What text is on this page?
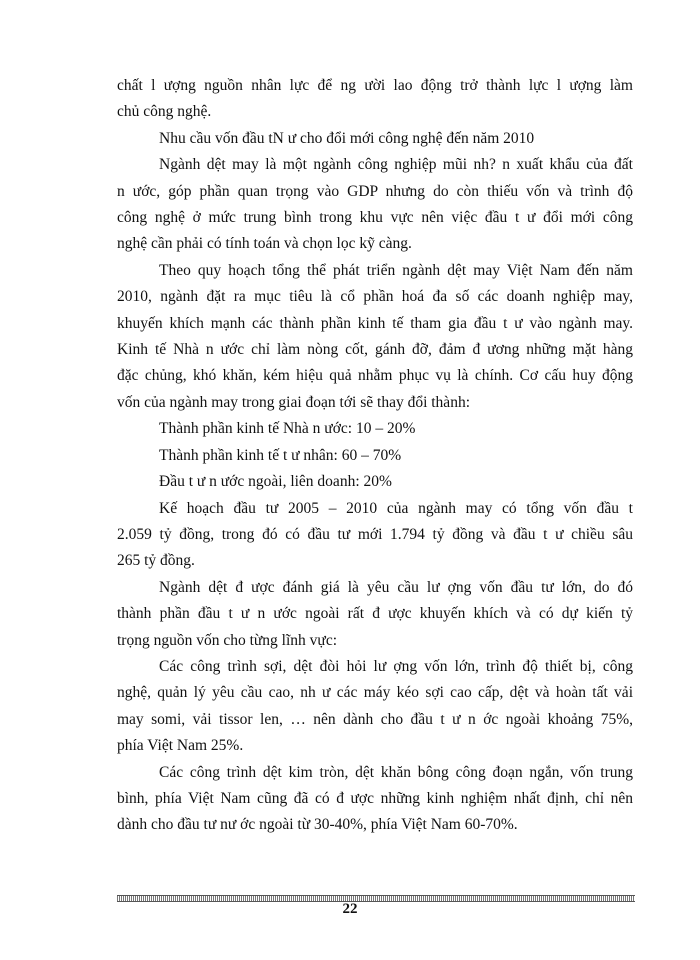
chất l ượng nguồn nhân lực để ng ười lao động trở thành lực l ượng làm

chủ công nghệ.

Nhu cầu vốn đầu tN ư cho đổi mới công nghệ đến năm 2010

Ngành dệt may là một ngành công nghiệp mũi nh? n xuất khẩu của đất

n ước, góp phần quan trọng vào GDP nhưng do còn thiếu vốn và trình độ

công nghệ ở mức trung bình trong khu vực nên việc đầu t ư đổi mới công

nghệ cần phải có tính toán và chọn lọc kỹ càng.

Theo quy hoạch tổng thể phát triển ngành dệt may Việt Nam đến năm

2010, ngành đặt ra mục tiêu là cổ phần hoá đa số các doanh nghiệp may,

khuyến khích mạnh các thành phần kinh tế tham gia đầu t ư vào ngành may.

Kinh tế Nhà n ước chỉ làm nòng cốt, gánh đỡ, đảm đ ương những mặt hàng

đặc chủng, khó khăn, kém hiệu quả nhằm phục vụ là chính. Cơ cấu huy động

vốn của ngành may trong giai đoạn tới sẽ thay đổi thành:

Thành phần kinh tế Nhà n ước: 10 – 20%

Thành phần kinh tế t ư nhân: 60 – 70%

Đầu t ư n ước ngoài, liên doanh: 20%

Kế hoạch đầu tư 2005 – 2010 của ngành may có tổng vốn đầu t

2.059 tỷ đồng, trong đó có đầu tư mới 1.794 tỷ đồng và đầu t ư chiều sâu

265 tỷ đồng.

Ngành dệt đ ược đánh giá là yêu cầu lư ợng vốn đầu tư lớn, do đó

thành phần đầu t ư n ước ngoài rất đ ược khuyến khích và có dự kiến tỷ

trọng nguồn vốn cho từng lĩnh vực:

Các công trình sợi, dệt đòi hỏi lư ợng vốn lớn, trình độ thiết bị, công

nghệ, quản lý yêu cầu cao, nh ư các máy kéo sợi cao cấp, dệt và hoàn tất vải

may somi, vải tissor len, … nên dành cho đầu t ư n ớc ngoài khoảng 75%,

phía Việt Nam 25%.

Các công trình dệt kim tròn, dệt khăn bông công đoạn ngắn, vốn trung

bình, phía Việt Nam cũng đã có đ ược những kinh nghiệm nhất định, chỉ nên

dành cho đầu tư nư ớc ngoài từ 30-40%, phía Việt Nam 60-70%.

22
